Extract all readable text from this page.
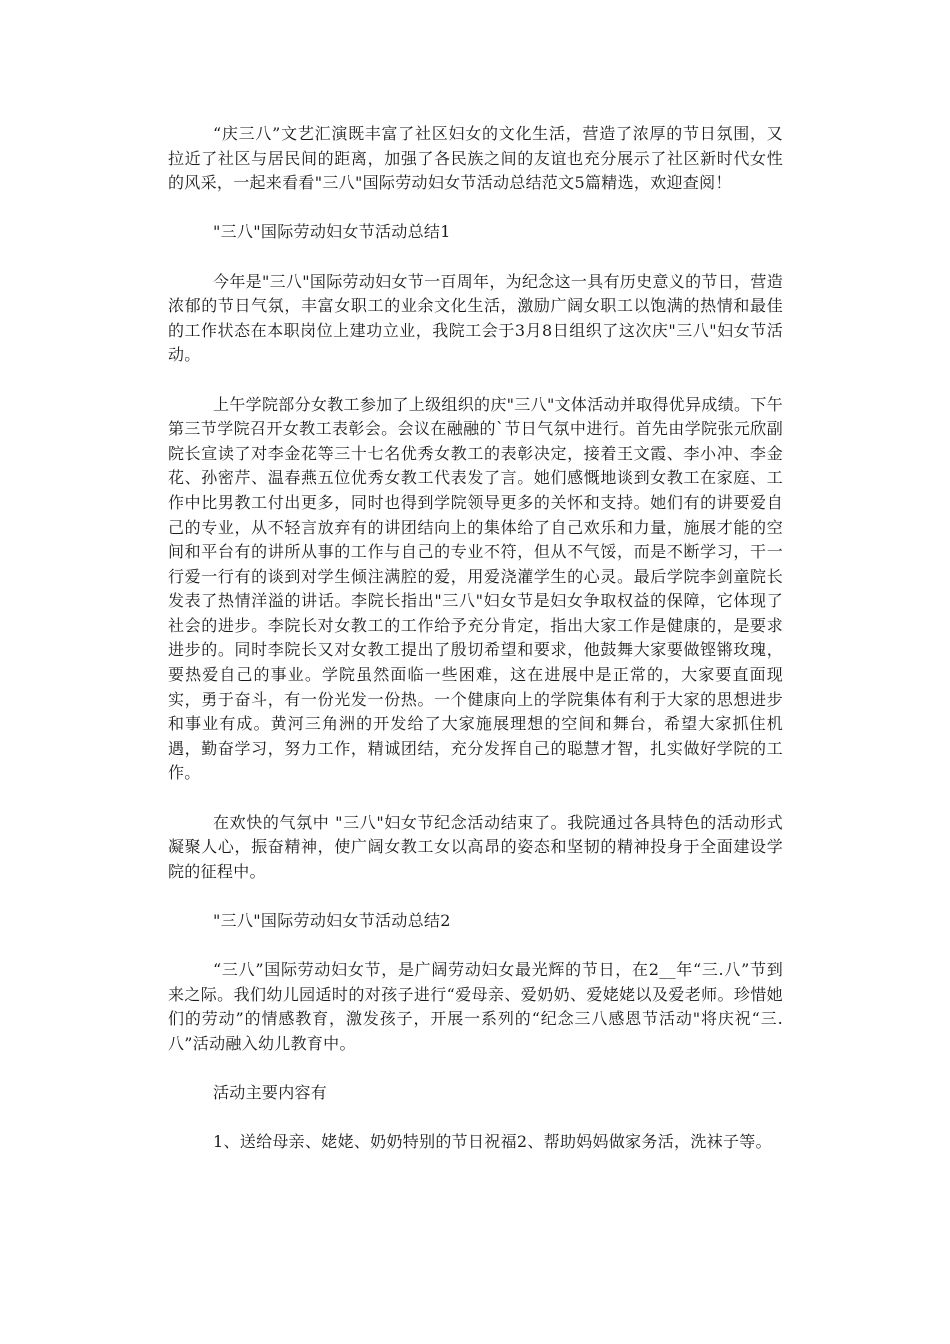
“庆三八”文艺汇演既丰富了社区妇女的文化生活，营造了浓厚的节日氛围，又拉近了社区与居民间的距离，加强了各民族之间的友谊也充分展示了社区新时代女性的风采，一起来看看"三八"国际劳动妇女节活动总结范文5篇精选，欢迎查阅！

"三八"国际劳动妇女节活动总结1

今年是"三八"国际劳动妇女节一百周年，为纪念这一具有历史意义的节日，营造浓郁的节日气氛，丰富女职工的业余文化生活，激励广阔女职工以饱满的热情和最佳的工作状态在本职岗位上建功立业，我院工会于3月8日组织了这次庆"三八"妇女节活动。

上午学院部分女教工参加了上级组织的庆"三八"文体活动并取得优异成绩。下午第三节学院召开女教工表彰会。会议在融融的`节日气氛中进行。首先由学院张元欣副院长宣读了对李金花等三十七名优秀女教工的表彰决定，接着王文霞、李小冲、李金花、孙密芹、温春燕五位优秀女教工代表发了言。她们感慨地谈到女教工在家庭、工作中比男教工付出更多，同时也得到学院领导更多的关怀和支持。她们有的讲要爱自己的专业，从不轻言放弃有的讲团结向上的集体给了自己欢乐和力量，施展才能的空间和平台有的讲所从事的工作与自己的专业不符，但从不气馁，而是不断学习，干一行爱一行有的谈到对学生倾注满腔的爱，用爱浇灌学生的心灵。最后学院李剑童院长发表了热情洋溢的讲话。李院长指出"三八"妇女节是妇女争取权益的保障，它体现了社会的进步。李院长对女教工的工作给予充分肯定，指出大家工作是健康的，是要求进步的。同时李院长又对女教工提出了殷切希望和要求，他鼓舞大家要做铿锵玫瑰，要热爱自己的事业。学院虽然面临一些困难，这在进展中是正常的，大家要直面现实，勇于奋斗，有一份光发一份热。一个健康向上的学院集体有利于大家的思想进步和事业有成。黄河三角洲的开发给了大家施展理想的空间和舞台，希望大家抓住机遇，勤奋学习，努力工作，精诚团结，充分发挥自己的聪慧才智，扎实做好学院的工作。

在欢快的气氛中 "三八"妇女节纪念活动结束了。我院通过各具特色的活动形式凝聚人心，振奋精神，使广阔女教工女以高昂的姿态和坚韧的精神投身于全面建设学院的征程中。

"三八"国际劳动妇女节活动总结2

“三八”国际劳动妇女节，是广阔劳动妇女最光辉的节日，在2__年“三.八”节到来之际。我们幼儿园适时的对孩子进行“爱母亲、爱奶奶、爱姥姥以及爱老师。珍惜她们的劳动”的情感教育，激发孩子，开展一系列的“纪念三八感恩节活动"将庆祝“三.八”活动融入幼儿教育中。

活动主要内容有

1、送给母亲、姥姥、奶奶特别的节日祝福2、帮助妈妈做家务活，洗袜子等。
